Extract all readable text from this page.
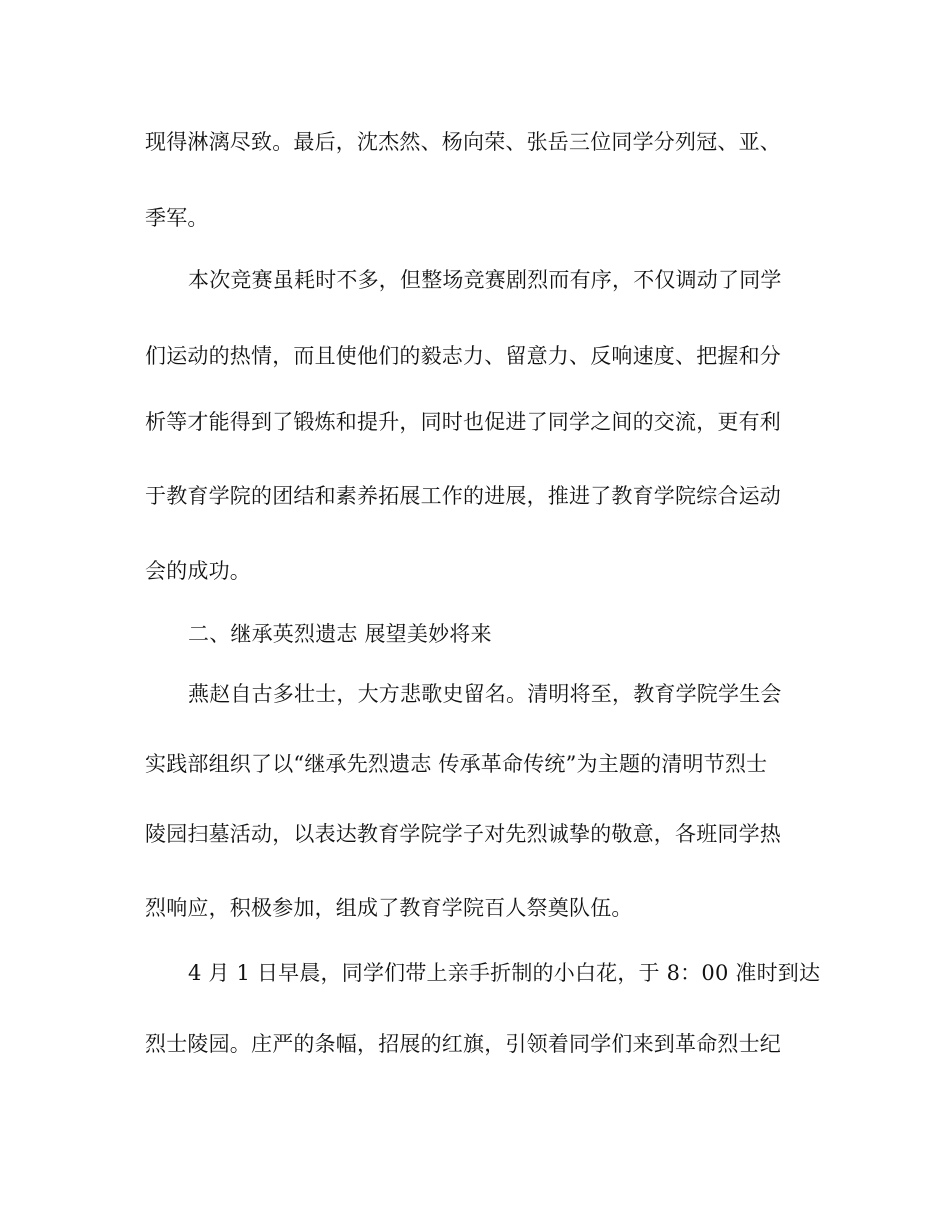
现得淋漓尽致。最后，沈杰然、杨向荣、张岳三位同学分列冠、亚、
季军。
本次竞赛虽耗时不多，但整场竞赛剧烈而有序，不仅调动了同学
们运动的热情，而且使他们的毅志力、留意力、反响速度、把握和分
析等才能得到了锻炼和提升，同时也促进了同学之间的交流，更有利
于教育学院的团结和素养拓展工作的进展，推进了教育学院综合运动
会的成功。
二、继承英烈遗志 展望美妙将来
燕赵自古多壮士，大方悲歌史留名。清明将至，教育学院学生会
实践部组织了以“继承先烈遗志 传承革命传统”为主题的清明节烈士
陵园扫墓活动，以表达教育学院学子对先烈诚挚的敬意，各班同学热
烈响应，积极参加，组成了教育学院百人祭奠队伍。
4 月 1 日早晨，同学们带上亲手折制的小白花，于 8：00 准时到达
烈士陵园。庄严的条幅，招展的红旗，引领着同学们来到革命烈士纪
